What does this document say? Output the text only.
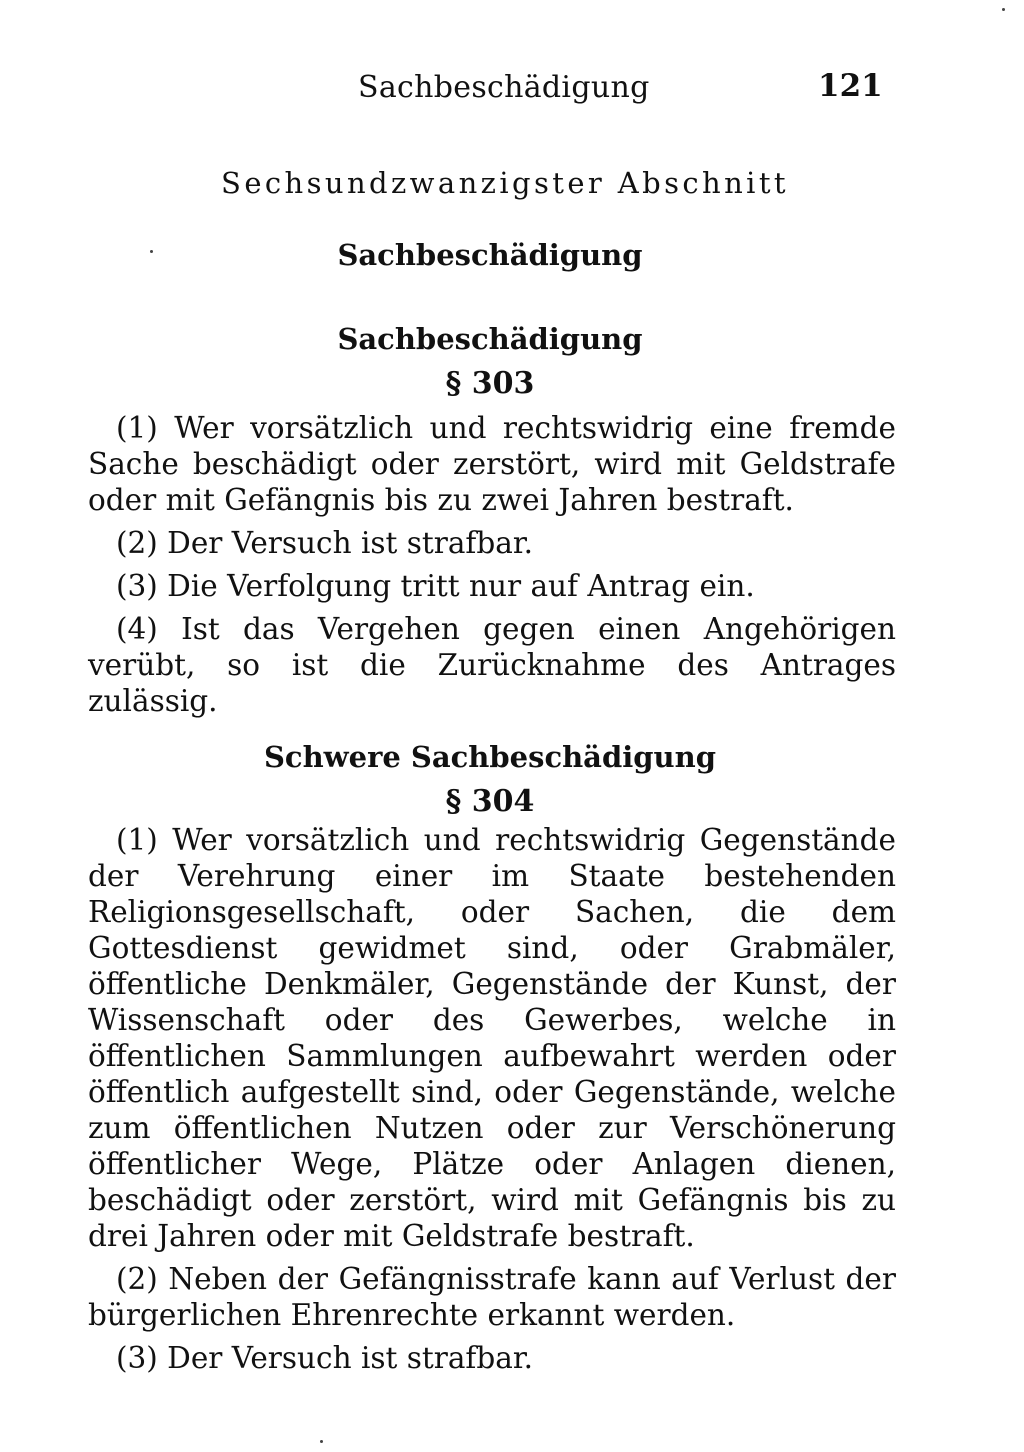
Sachbeschädigung	121
Sechsundzwanzigster Abschnitt
Sachbeschädigung
Sachbeschädigung
§ 303

(1) Wer vorsätzlich und rechtswidrig eine fremde Sache beschädigt oder zerstört, wird mit Geldstrafe oder mit Gefängnis bis zu zwei Jahren bestraft.

(2) Der Versuch ist strafbar.

(3) Die Verfolgung tritt nur auf Antrag ein.

(4) Ist das Vergehen gegen einen Angehörigen verübt, so ist die Zurücknahme des Antrages zulässig.

Schwere Sachbeschädigung
§ 304

(1) Wer vorsätzlich und rechtswidrig Gegenstände der Verehrung einer im Staate bestehenden Religionsgesellschaft, oder Sachen, die dem Gottesdienst gewidmet sind, oder Grabmäler, öffentliche Denkmäler, Gegenstände der Kunst, der Wissenschaft oder des Gewerbes, welche in öffentlichen Sammlungen aufbewahrt werden oder öffentlich aufgestellt sind, oder Gegenstände, welche zum öffentlichen Nutzen oder zur Verschönerung öffentlicher Wege, Plätze oder Anlagen dienen, beschädigt oder zerstört, wird mit Gefängnis bis zu drei Jahren oder mit Geldstrafe bestraft.

(2) Neben der Gefängnisstrafe kann auf Verlust der bürgerlichen Ehrenrechte erkannt werden.

(3) Der Versuch ist strafbar.
